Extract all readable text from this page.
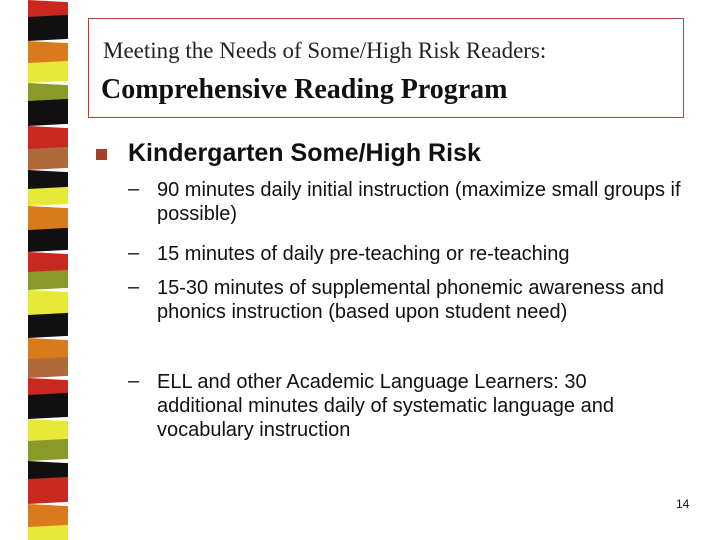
Meeting the Needs of Some/High Risk Readers:
Comprehensive Reading Program
Kindergarten Some/High Risk
– 90 minutes daily initial instruction (maximize small groups if possible)
– 15 minutes of daily pre-teaching or re-teaching
– 15-30 minutes of supplemental phonemic awareness and phonics instruction (based upon student need)
– ELL and other Academic Language Learners: 30 additional minutes daily of systematic language and vocabulary instruction
14
